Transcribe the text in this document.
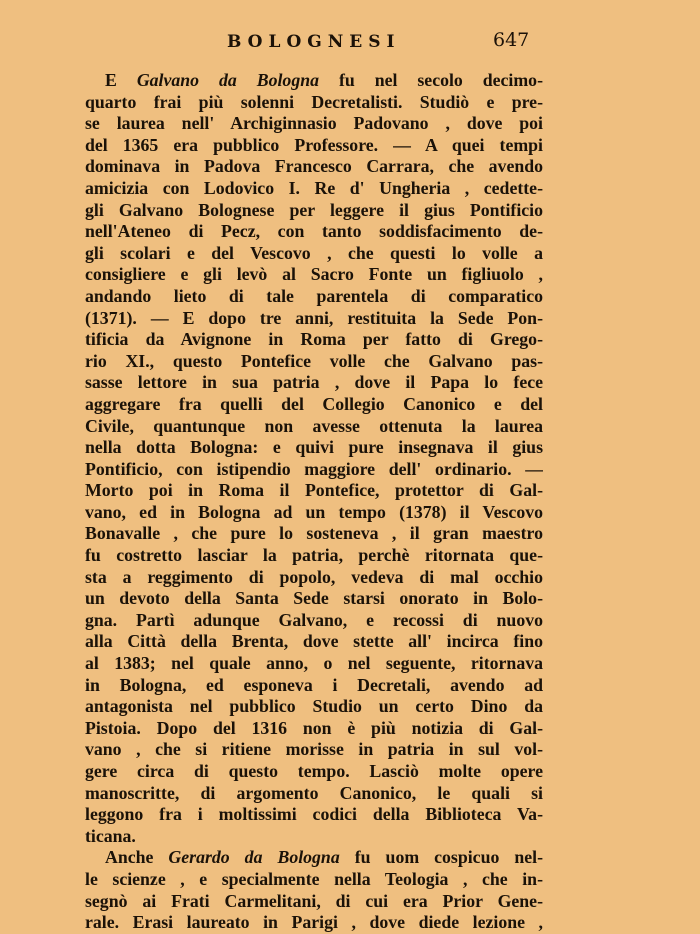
BOLOGNESI	647
E Galvano da Bologna fu nel secolo decimo-
quarto frai più solenni Decretalisti. Studiò e pre-
se laurea nell' Archiginnasio Padovano , dove poi
del 1365 era pubblico Professore. — A quei tempi
dominava in Padova Francesco Carrara, che avendo
amicizia con Lodovico I. Re d' Ungheria , cedette-
gli Galvano Bolognese per leggere il gius Pontificio
nell'Ateneo di Pecz, con tanto soddisfacimento de-
gli scolari e del Vescovo , che questi lo volle a
consigliere e gli levò al Sacro Fonte un figliuolo ,
andando lieto di tale parentela di comparatico
(1371). — E dopo tre anni, restituita la Sede Pon-
tificia da Avignone in Roma per fatto di Grego-
rio XI., questo Pontefice volle che Galvano pas-
sasse lettore in sua patria , dove il Papa lo fece
aggregare fra quelli del Collegio Canonico e del
Civile, quantunque non avesse ottenuta la laurea
nella dotta Bologna: e quivi pure insegnava il gius
Pontificio, con istipendio maggiore dell' ordinario. —
Morto poi in Roma il Pontefice, protettor di Gal-
vano, ed in Bologna ad un tempo (1378) il Vescovo
Bonavalle , che pure lo sosteneva , il gran maestro
fu costretto lasciar la patria, perchè ritornata que-
sta a reggimento di popolo, vedeva di mal occhio
un devoto della Santa Sede starsi onorato in Bolo-
gna. Partì adunque Galvano, e recossi di nuovo
alla Città della Brenta, dove stette all' incirca fino
al 1383; nel quale anno, o nel seguente, ritornava
in Bologna, ed esponeva i Decretali, avendo ad
antagonista nel pubblico Studio un certo Dino da
Pistoia. Dopo del 1316 non è più notizia di Gal-
vano , che si ritiene morisse in patria in sul vol-
gere circa di questo tempo. Lasciò molte opere
manoscritte, di argomento Canonico, le quali si
leggono fra i moltissimi codici della Biblioteca Va-
ticana.
Anche Gerardo da Bologna fu uom cospicuo nel-
le scienze , e specialmente nella Teologia , che in-
segnò ai Frati Carmelitani, di cui era Prior Gene-
rale. Erasi laureato in Parigi , dove diede lezione ,
